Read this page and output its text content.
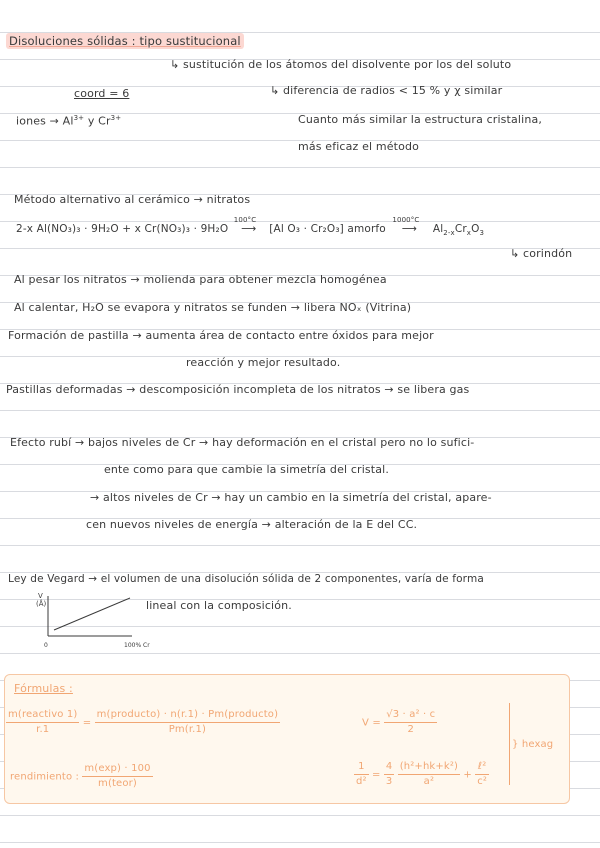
Disoluciones sólidas : tipo sustitucional
↳ sustitución de los átomos del disolvente por los del soluto
coord = 6	↳ diferencia de radios < 15 % y χ similar
iones → $Al^{3+}$ y $Cr^{3+}$	Cuanto más similar la estructura cristalina,
más eficaz el método
Método alternativo al cerámico → nitratos
2-x Al(NO₃)₃ · 9H₂O + x Cr(NO₃)₃ · 9H₂O
100°C
⟶ [Al O₃ · Cr₂O₃] amorfo
1000°C
⟶ $Al_{2-x}Cr_xO_3$
↳ corindón
Al pesar los nitratos → molienda para obtener mezcla homogénea
Al calentar, H₂O se evapora y nitratos se funden → libera NOₓ (Vitrina)
Formación de pastilla → aumenta área de contacto entre óxidos para mejor
reacción y mejor resultado.
Pastillas deformadas → descomposición incompleta de los nitratos → se libera gas
Efecto rubí → bajos niveles de Cr → hay deformación en el cristal pero no lo sufici-
ente como para que cambie la simetría del cristal.
→ altos niveles de Cr → hay un cambio en la simetría del cristal, apare-
cen nuevos niveles de energía → alteración de la E del CC.
Ley de Vegard → el volumen de una disolución sólida de 2 componentes, varía de forma
lineal con la composición.
V
(Å)
0	100% Cr
Fórmulas :
$\frac{\text{m(reactivo 1)}}{r.1} = \frac{\text{m(producto) · n(r.1) · Pm(producto)}}{Pm(r.1)}$	$V = \frac{\text{√3 · a² · c}}{2}$
} hexag
rendimiento : $\frac{m(\exp) \cdot 100}{\text{m(teor)}}$	$\frac{1}{\text{d²}} = \frac{4}{3}$
$\frac{\text{(h²+hk+k²)}}{\text{a²}} + \frac{\text{ℓ²}}{\text{c²}}$
